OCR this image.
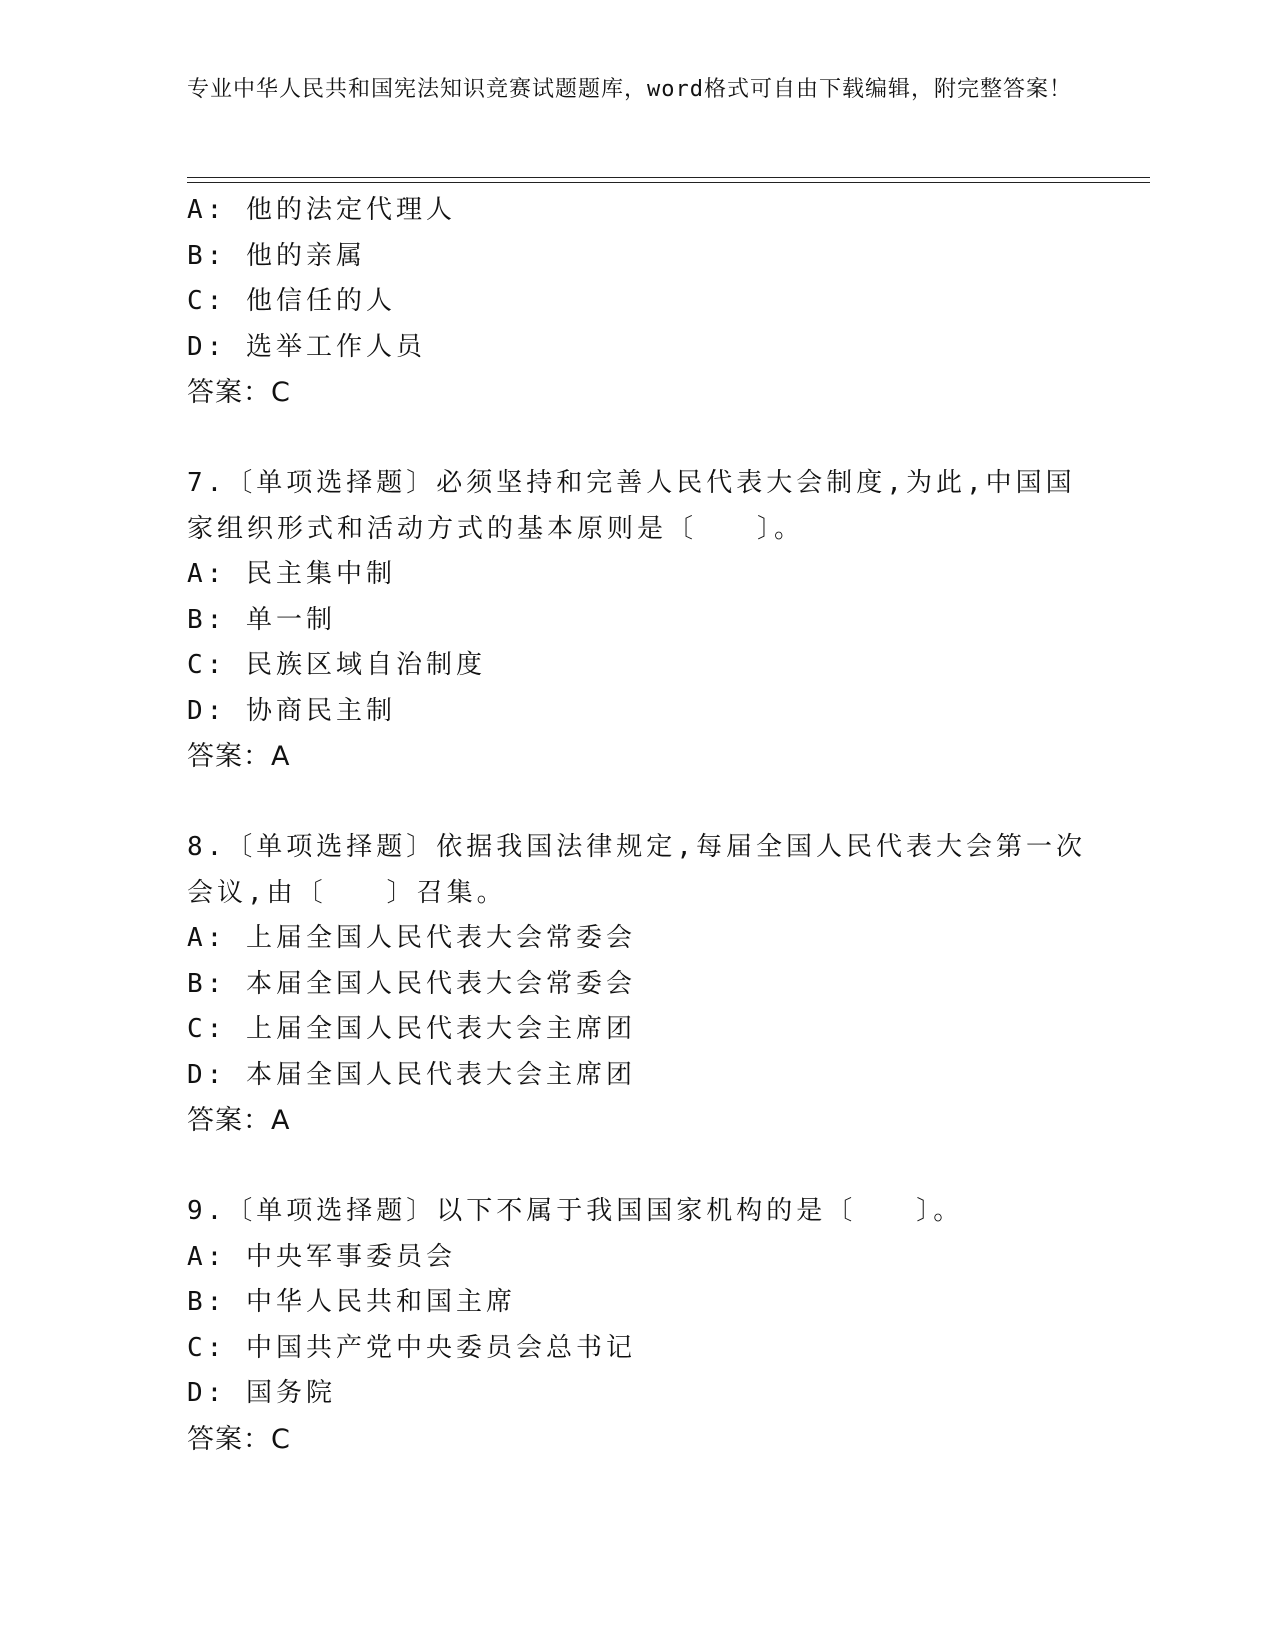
专业中华人民共和国宪法知识竞赛试题题库，word格式可自由下载编辑，附完整答案！
A: 他的法定代理人
B: 他的亲属
C: 他信任的人
D: 选举工作人员
答案：C
7.〔单项选择题〕必须坚持和完善人民代表大会制度,为此,中国国家组织形式和活动方式的基本原则是〔　　〕。
A: 民主集中制
B: 单一制
C: 民族区域自治制度
D: 协商民主制
答案：A
8.〔单项选择题〕依据我国法律规定,每届全国人民代表大会第一次会议,由〔　　〕召集。
A: 上届全国人民代表大会常委会
B: 本届全国人民代表大会常委会
C: 上届全国人民代表大会主席团
D: 本届全国人民代表大会主席团
答案：A
9.〔单项选择题〕以下不属于我国国家机构的是〔　　〕。
A: 中央军事委员会
B: 中华人民共和国主席
C: 中国共产党中央委员会总书记
D: 国务院
答案：C
